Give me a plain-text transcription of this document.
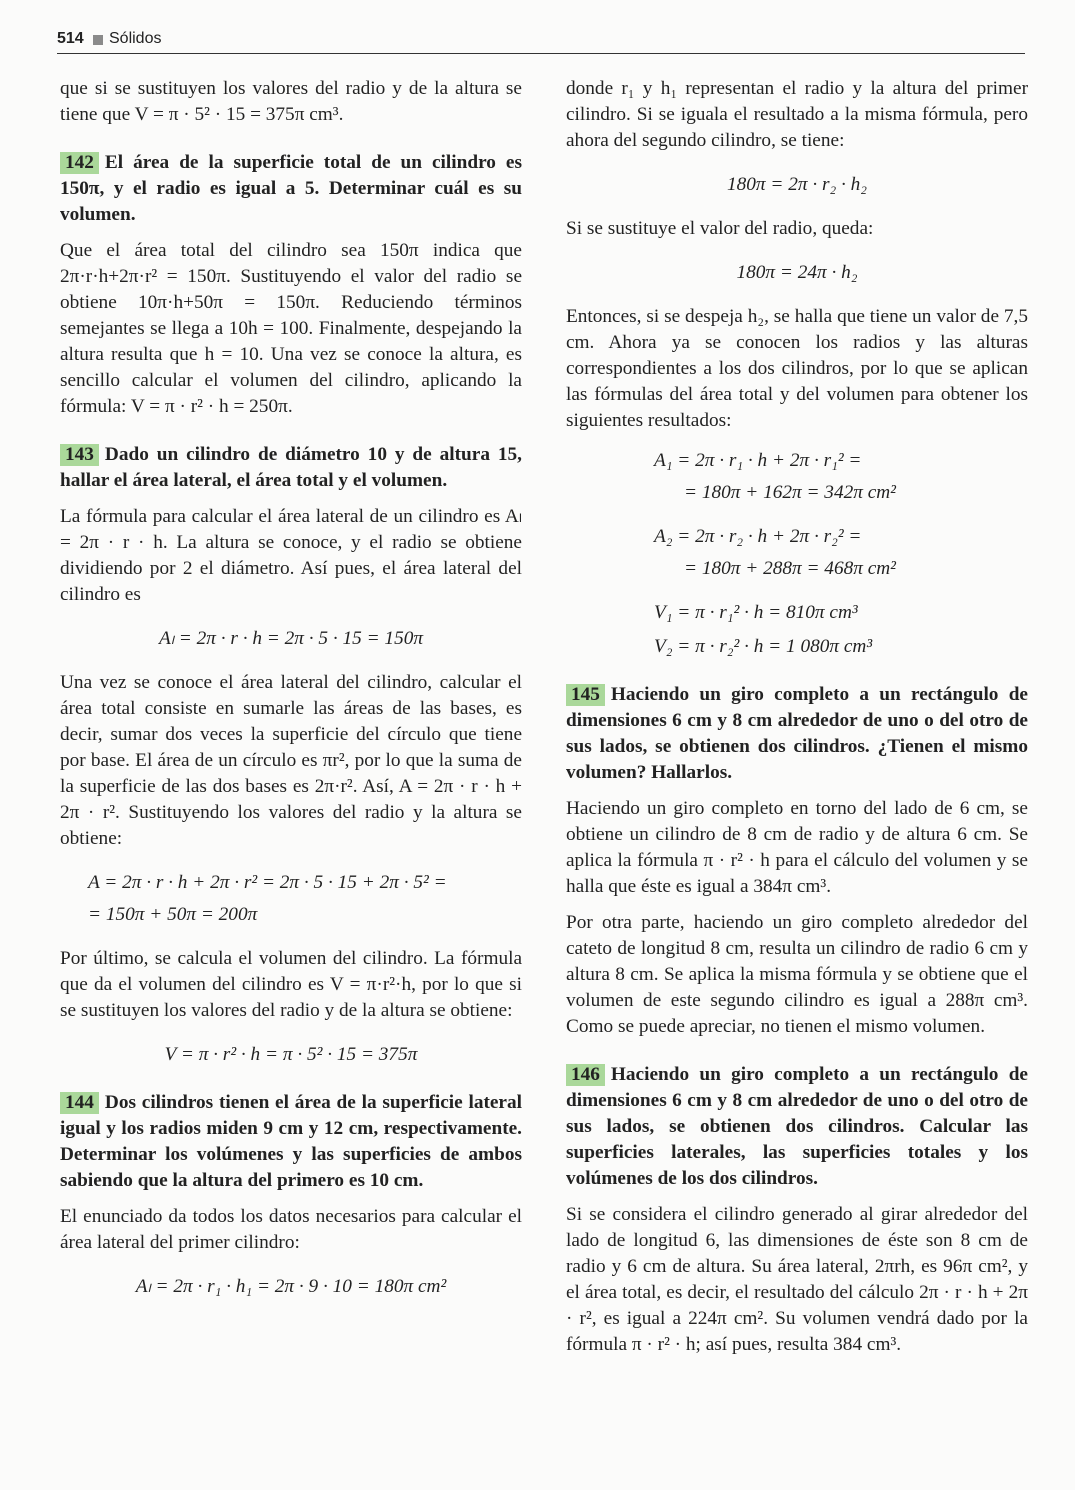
514 Sólidos

que si se sustituyen los valores del radio y de la altura se tiene que V = π · 5² · 15 = 375π cm³.

142 El área de la superficie total de un cilindro es 150π, y el radio es igual a 5. Determinar cuál es su volumen.

Que el área total del cilindro sea 150π indica que 2π·r·h+2π·r² = 150π. Sustituyendo el valor del radio se obtiene 10π·h+50π = 150π. Reduciendo términos semejantes se llega a 10h = 100. Finalmente, despejando la altura resulta que h = 10. Una vez se conoce la altura, es sencillo calcular el volumen del cilindro, aplicando la fórmula: V = π · r² · h = 250π.

143 Dado un cilindro de diámetro 10 y de altura 15, hallar el área lateral, el área total y el volumen.

La fórmula para calcular el área lateral de un cilindro es Aₗ = 2π · r · h. La altura se conoce, y el radio se obtiene dividiendo por 2 el diámetro. Así pues, el área lateral del cilindro es

Aₗ = 2π · r · h = 2π · 5 · 15 = 150π

Una vez se conoce el área lateral del cilindro, calcular el área total consiste en sumarle las áreas de las bases, es decir, sumar dos veces la superficie del círculo que tiene por base. El área de un círculo es πr², por lo que la suma de la superficie de las dos bases es 2π·r². Así, A = 2π · r · h + 2π · r². Sustituyendo los valores del radio y la altura se obtiene:

A = 2π · r · h + 2π · r² = 2π · 5 · 15 + 2π · 5² =

= 150π + 50π = 200π

Por último, se calcula el volumen del cilindro. La fórmula que da el volumen del cilindro es V = π·r²·h, por lo que si se sustituyen los valores del radio y de la altura se obtiene:

V = π · r² · h = π · 5² · 15 = 375π

144 Dos cilindros tienen el área de la superficie lateral igual y los radios miden 9 cm y 12 cm, respectivamente. Determinar los volúmenes y las superficies de ambos sabiendo que la altura del primero es 10 cm.

El enunciado da todos los datos necesarios para calcular el área lateral del primer cilindro:

Aₗ = 2π · r₁ · h₁ = 2π · 9 · 10 = 180π cm²

donde r₁ y h₁ representan el radio y la altura del primer cilindro. Si se iguala el resultado a la misma fórmula, pero ahora del segundo cilindro, se tiene:

180π = 2π · r₂ · h₂

Si se sustituye el valor del radio, queda:

180π = 24π · h₂

Entonces, si se despeja h₂, se halla que tiene un valor de 7,5 cm. Ahora ya se conocen los radios y las alturas correspondientes a los dos cilindros, por lo que se aplican las fórmulas del área total y del volumen para obtener los siguientes resultados:

A₁ = 2π · r₁ · h + 2π · r₁² =

= 180π + 162π = 342π cm²

A₂ = 2π · r₂ · h + 2π · r₂² =

= 180π + 288π = 468π cm²

V₁ = π · r₁² · h = 810π cm³

V₂ = π · r₂² · h = 1 080π cm³

145 Haciendo un giro completo a un rectángulo de dimensiones 6 cm y 8 cm alrededor de uno o del otro de sus lados, se obtienen dos cilindros. ¿Tienen el mismo volumen? Hallarlos.

Haciendo un giro completo en torno del lado de 6 cm, se obtiene un cilindro de 8 cm de radio y de altura 6 cm. Se aplica la fórmula π · r² · h para el cálculo del volumen y se halla que éste es igual a 384π cm³.

Por otra parte, haciendo un giro completo alrededor del cateto de longitud 8 cm, resulta un cilindro de radio 6 cm y altura 8 cm. Se aplica la misma fórmula y se obtiene que el volumen de este segundo cilindro es igual a 288π cm³. Como se puede apreciar, no tienen el mismo volumen.

146 Haciendo un giro completo a un rectángulo de dimensiones 6 cm y 8 cm alrededor de uno o del otro de sus lados, se obtienen dos cilindros. Calcular las superficies laterales, las superficies totales y los volúmenes de los dos cilindros.

Si se considera el cilindro generado al girar alrededor del lado de longitud 6, las dimensiones de éste son 8 cm de radio y 6 cm de altura. Su área lateral, 2πrh, es 96π cm², y el área total, es decir, el resultado del cálculo 2π · r · h + 2π · r², es igual a 224π cm². Su volumen vendrá dado por la fórmula π · r² · h; así pues, resulta 384 cm³.
